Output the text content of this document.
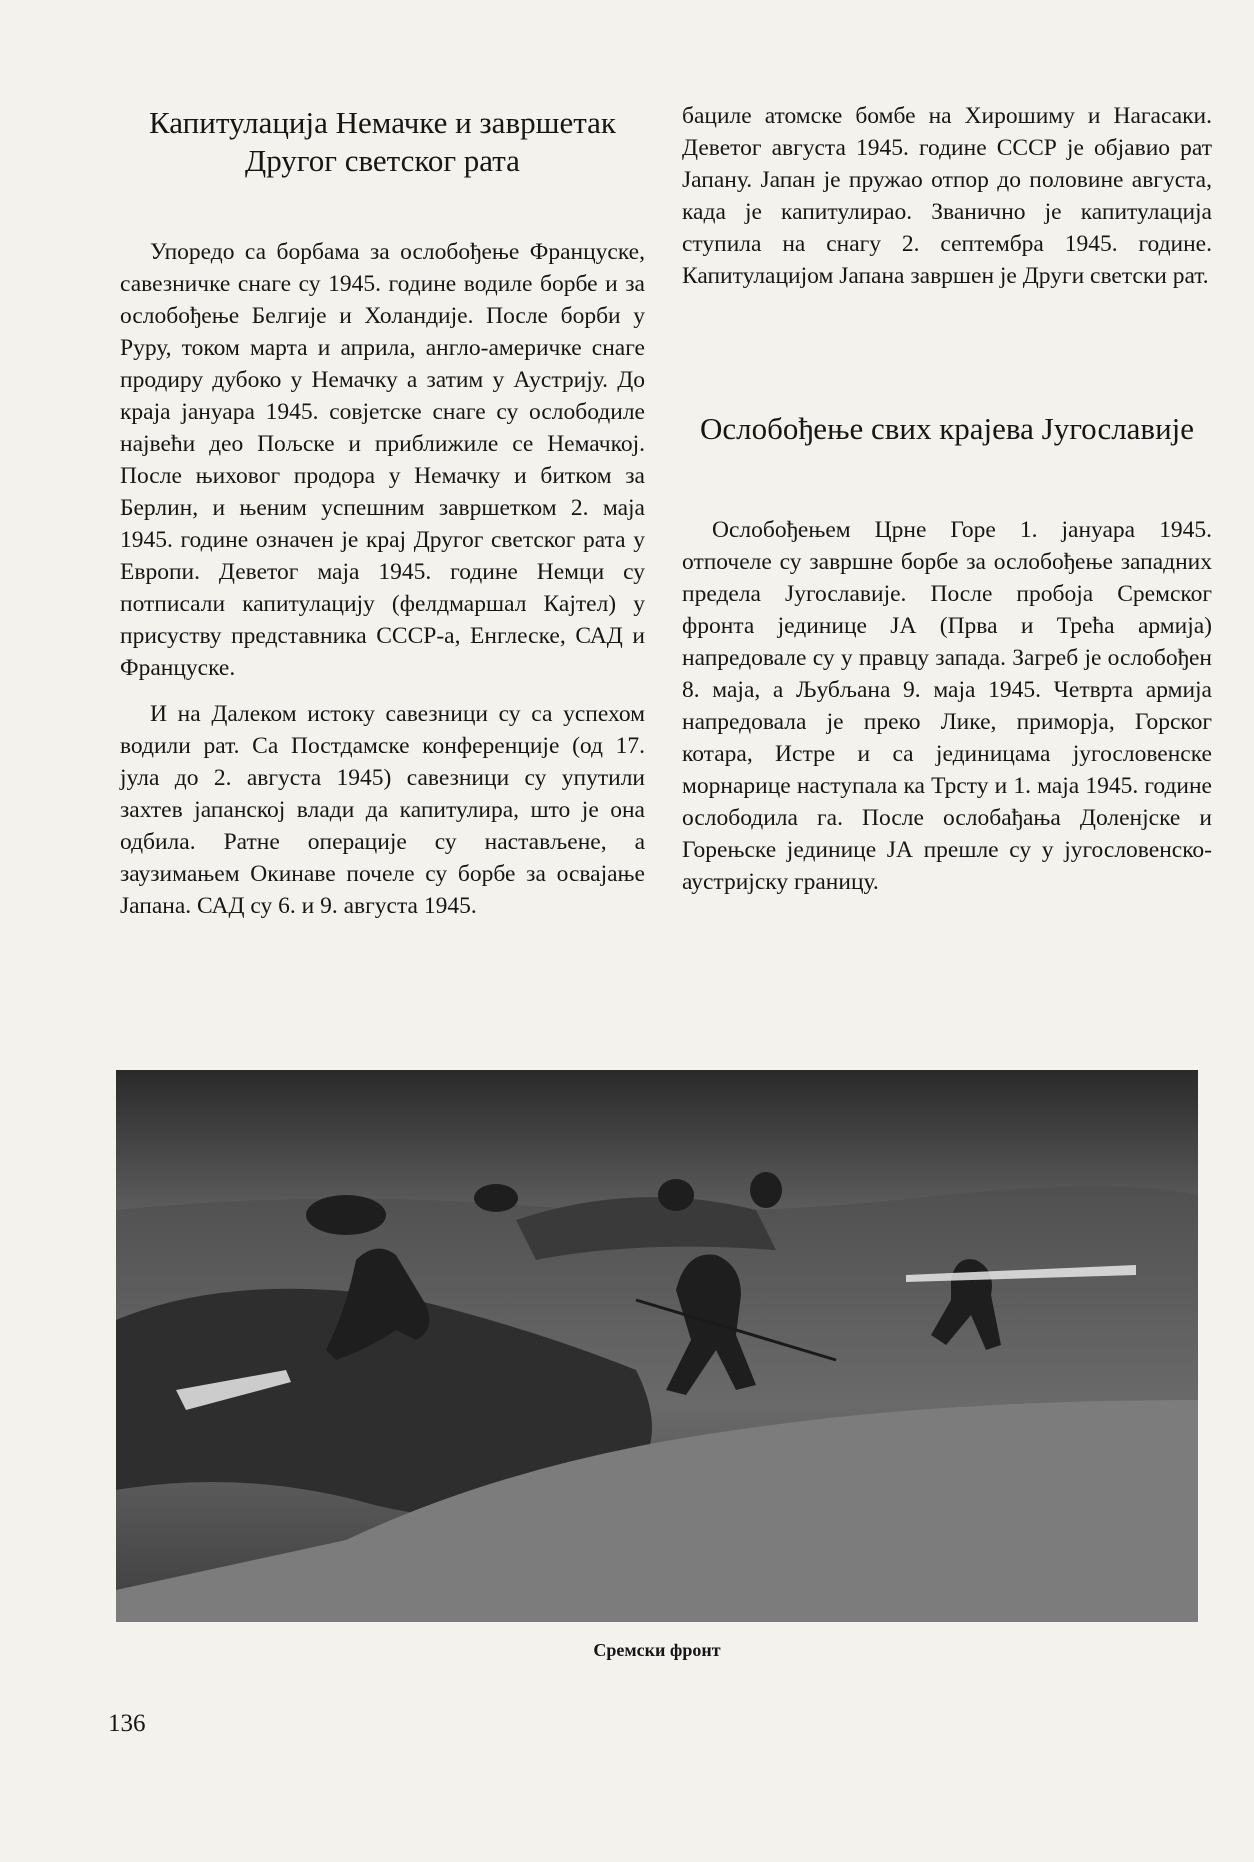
Капитулација Немачке и завршетак Другог светског рата

Упоредо са борбама за ослобођење Француске, савезничке снаге су 1945. године водиле борбе и за ослобођење Белгије и Холандије. После борби у Руру, током марта и априла, англо-америчке снаге продиру дубоко у Немачку а затим у Аустрију. До краја јануара 1945. совјетске снаге су ослободиле највећи део Пољске и приближиле се Немачкој. После њиховог продора у Немачку и битком за Берлин, и њеним успешним завршетком 2. маја 1945. године означен је крај Другог светског рата у Европи. Деветог маја 1945. године Немци су потписали капитулацију (фелдмаршал Кајтел) у присуству представника СССР-а, Енглеске, САД и Француске.

И на Далеком истоку савезници су са успехом водили рат. Са Постдамске конференције (од 17. јула до 2. августа 1945) савезници су упутили захтев јапанској влади да капитулира, што је она одбила. Ратне операције су настављене, а заузимањем Окинаве почеле су борбе за освајање Јапана. САД су 6. и 9. августа 1945.

бациле атомске бомбе на Хирошиму и Нагасаки. Деветог августа 1945. године СССР је објавио рат Јапану. Јапан је пружао отпор до половине августа, када је капитулирао. Званично је капитулација ступила на снагу 2. септембра 1945. године. Капитулацијом Јапана завршен је Други светски рат.

Ослобођење свих крајева Југославије

Ослобођењем Црне Горе 1. јануара 1945. отпочеле су завршне борбе за ослобођење западних предела Југославије. После пробоја Сремског фронта јединице ЈА (Прва и Трећа армија) напредовале су у правцу запада. Загреб је ослобођен 8. маја, а Љубљана 9. маја 1945. Четврта армија напредовала је преко Лике, приморја, Горског котара, Истре и са јединицама југословенске морнарице наступала ка Трсту и 1. маја 1945. године ослободила га. После ослобађања Доленјске и Горењске јединице ЈА прешле су у југословенско-аустријску границу.

Сремски фронт
136
